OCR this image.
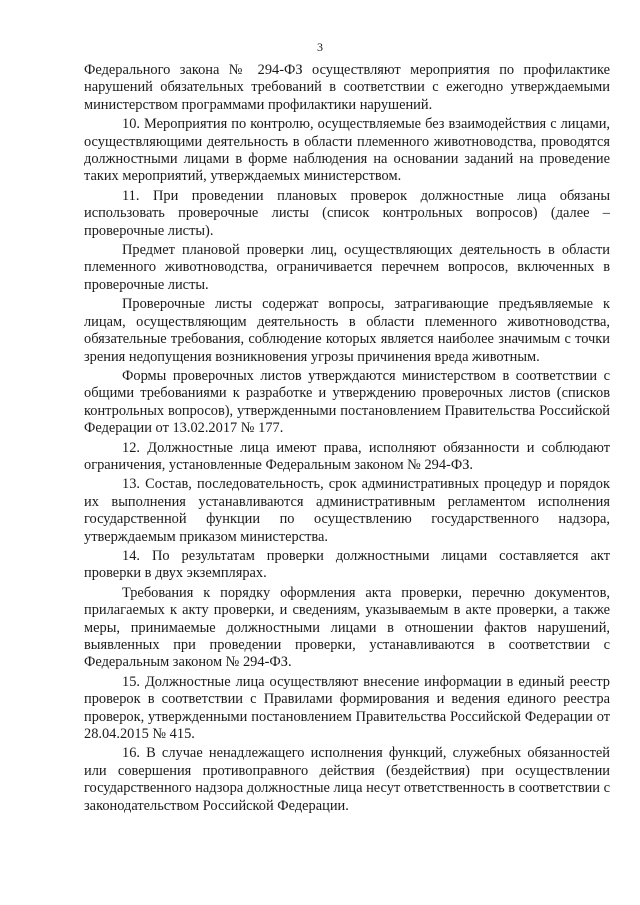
3

Федерального закона № 294-ФЗ осуществляют мероприятия по профилактике нарушений обязательных требований в соответствии с ежегодно утверждаемыми министерством программами профилактики нарушений.

10. Мероприятия по контролю, осуществляемые без взаимодействия с лицами, осуществляющими деятельность в области племенного животноводства, проводятся должностными лицами в форме наблюдения на основании заданий на проведение таких мероприятий, утверждаемых министерством.

11. При проведении плановых проверок должностные лица обязаны использовать проверочные листы (список контрольных вопросов) (далее – проверочные листы).

Предмет плановой проверки лиц, осуществляющих деятельность в области племенного животноводства, ограничивается перечнем вопросов, включенных в проверочные листы.

Проверочные листы содержат вопросы, затрагивающие предъявляемые к лицам, осуществляющим деятельность в области племенного животноводства, обязательные требования, соблюдение которых является наиболее значимым с точки зрения недопущения возникновения угрозы причинения вреда животным.

Формы проверочных листов утверждаются министерством в соответствии с общими требованиями к разработке и утверждению проверочных листов (списков контрольных вопросов), утвержденными постановлением Правительства Российской Федерации от 13.02.2017 № 177.

12. Должностные лица имеют права, исполняют обязанности и соблюдают ограничения, установленные Федеральным законом № 294-ФЗ.

13. Состав, последовательность, срок административных процедур и порядок их выполнения устанавливаются административным регламентом исполнения государственной функции по осуществлению государственного надзора, утверждаемым приказом министерства.

14. По результатам проверки должностными лицами составляется акт проверки в двух экземплярах.

Требования к порядку оформления акта проверки, перечню документов, прилагаемых к акту проверки, и сведениям, указываемым в акте проверки, а также меры, принимаемые должностными лицами в отношении фактов нарушений, выявленных при проведении проверки, устанавливаются в соответствии с Федеральным законом № 294-ФЗ.

15. Должностные лица осуществляют внесение информации в единый реестр проверок в соответствии с Правилами формирования и ведения единого реестра проверок, утвержденными постановлением Правительства Российской Федерации от 28.04.2015 № 415.

16. В случае ненадлежащего исполнения функций, служебных обязанностей или совершения противоправного действия (бездействия) при осуществлении государственного надзора должностные лица несут ответственность в соответствии с законодательством Российской Федерации.
